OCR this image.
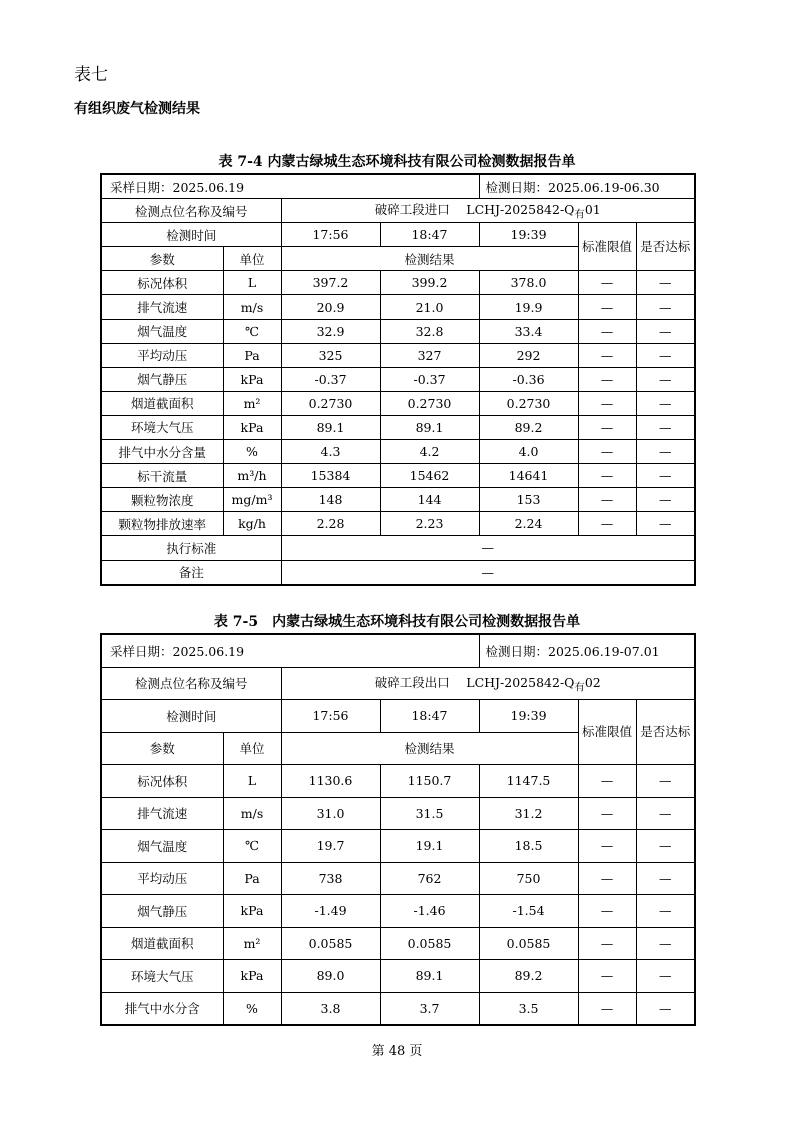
表七
有组织废气检测结果
表 7-4 内蒙古绿城生态环境科技有限公司检测数据报告单
采样日期：2025.06.19				检测日期：2025.06.19-06.30		
检测点位名称及编号		破碎工段进口　 LCHJ-$2025842-Q_有01$				
检测时间		17:56	18:47	19:39	标准限值	是否达标
参数	单位	检测结果				
标况体积	L	397.2	399.2	378.0	—	—
排气流速	m/s	20.9	21.0	19.9	—	—
烟气温度	℃	32.9	32.8	33.4	—	—
平均动压	Pa	325	327	292	—	—
烟气静压	kPa	-0.37	-0.37	-0.36	—	—
烟道截面积	m²	0.2730	0.2730	0.2730	—	—
环境大气压	kPa	89.1	89.1	89.2	—	—
排气中水分含量	%	4.3	4.2	4.0	—	—
标干流量	m³/h	15384	15462	14641	—	—
颗粒物浓度	mg/m³	148	144	153	—	—
颗粒物排放速率	kg/h	2.28	2.23	2.24	—	—
执行标准		—				
备注		—				
表 7-5　内蒙古绿城生态环境科技有限公司检测数据报告单
采样日期：2025.06.19				检测日期：2025.06.19-07.01		
检测点位名称及编号		破碎工段出口　 LCHJ-$2025842-Q_有02$				
检测时间		17:56	18:47	19:39	标准限值	是否达标
参数	单位	检测结果				
标况体积	L	1130.6	1150.7	1147.5	—	—
排气流速	m/s	31.0	31.5	31.2	—	—
烟气温度	℃	19.7	19.1	18.5	—	—
平均动压	Pa	738	762	750	—	—
烟气静压	kPa	-1.49	-1.46	-1.54	—	—
烟道截面积	m²	0.0585	0.0585	0.0585	—	—
环境大气压	kPa	89.0	89.1	89.2	—	—
排气中水分含	%	3.8	3.7	3.5	—	—
第 48 页
